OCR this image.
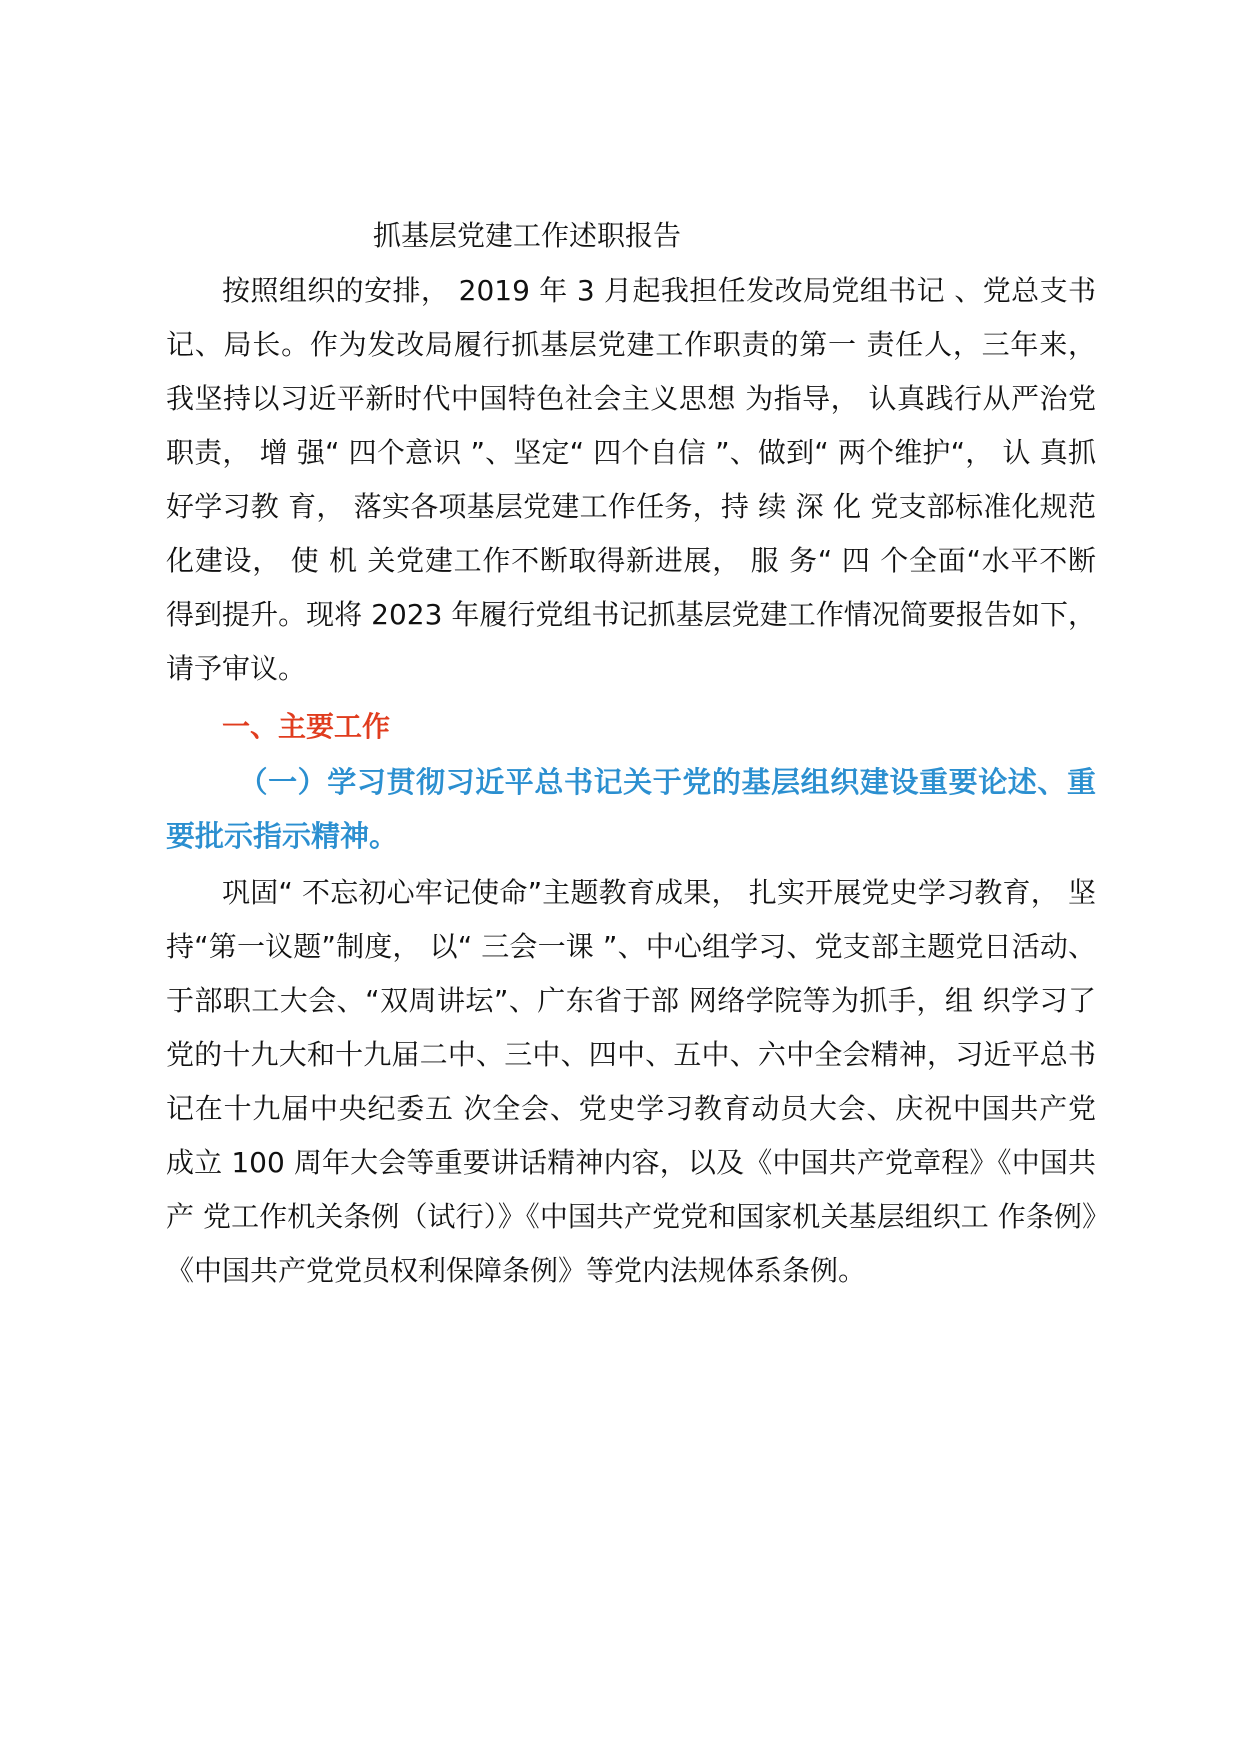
抓基层党建工作述职报告

按照组织的安排， 2019 年 3 月起我担任发改局党组书记 、党总支书记、局长。作为发改局履行抓基层党建工作职责的第一 责任人，三年来，我坚持以习近平新时代中国特色社会主义思想 为指导， 认真践行从严治党职责， 增 强“ 四个意识 ”、坚定“ 四个自信 ”、做到“ 两个维护“， 认 真抓好学习教 育， 落实各项基层党建工作任务，持 续 深 化 党支部标准化规范化建设， 使 机 关党建工作不断取得新进展， 服 务“ 四 个全面“水平不断得到提升。现将 2023 年履行党组书记抓基层党建工作情况简要报告如下， 请予审议。

一、主要工作
（一）学习贯彻习近平总书记关于党的基层组织建设重要论述、重要批示指示精神。

巩固“ 不忘初心牢记使命”主题教育成果， 扎实开展党史学习教育， 坚持“第一议题”制度， 以“ 三会一课 ”、中心组学习、党支部主题党日活动、于部职工大会、“双周讲坛”、广东省于部 网络学院等为抓手，组 织学习了党的十九大和十九届二中、三中、四中、五中、六中全会精神，习近平总书记在十九届中央纪委五 次全会、党史学习教育动员大会、庆祝中国共产党成立 100 周年大会等重要讲话精神内容，以及《中国共产党章程》《中国共产 党工作机关条例（试行）》《中国共产党党和国家机关基层组织工 作条例》《中国共产党党员权利保障条例》等党内法规体系条例。
